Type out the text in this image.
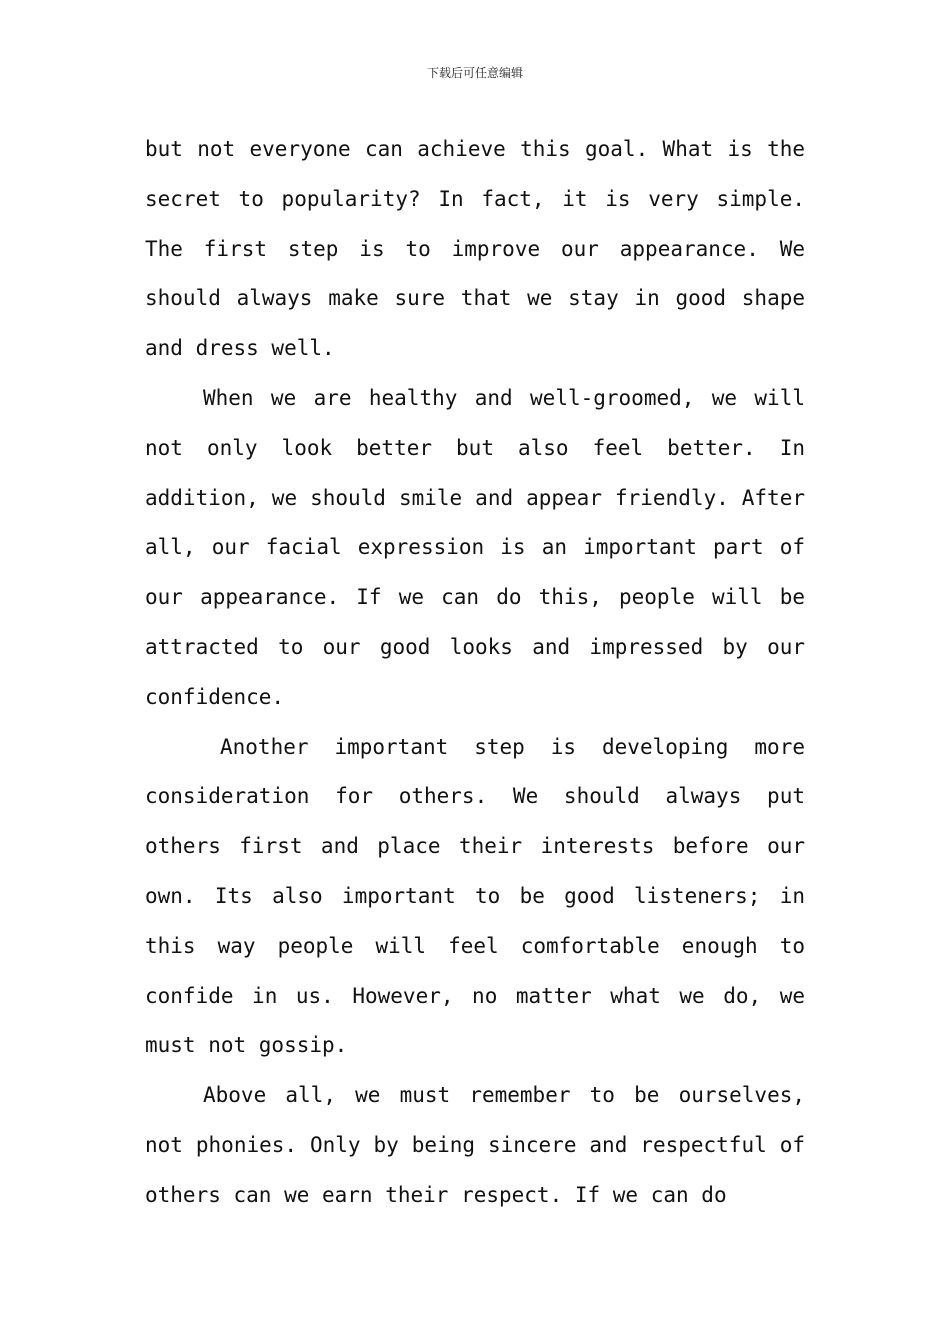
下载后可任意编辑

but not everyone can achieve this goal. What is the secret to popularity? In fact, it is very simple. The first step is to improve our appearance. We should always make sure that we stay in good shape and dress well.

When we are healthy and well-groomed, we will not only look better but also feel better. In addition, we should smile and appear friendly. After all, our facial expression is an important part of our appearance. If we can do this, people will be attracted to our good looks and impressed by our confidence.

Another important step is developing more consideration for others. We should always put others first and place their interests before our own. Its also important to be good listeners; in this way people will feel comfortable enough to confide in us. However, no matter what we do, we must not gossip.

Above all, we must remember to be ourselves, not phonies. Only by being sincere and respectful of others can we earn their respect. If we can do
